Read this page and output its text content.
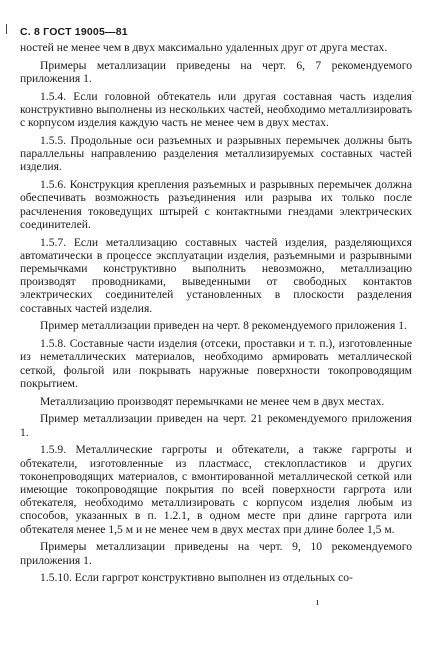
С. 8 ГОСТ 19005—81

ностей не менее чем в двух максимально удаленных друг от друга местах.

Примеры металлизации приведены на черт. 6, 7 рекомендуемого приложения 1.

1.5.4. Если головной обтекатель или другая составная часть изделия конструктивно выполнены из нескольких частей, необходимо металлизировать с корпусом изделия каждую часть не менее чем в двух местах.

1.5.5. Продольные оси разъемных и разрывных перемычек должны быть параллельны направлению разделения металлизируемых составных частей изделия.

1.5.6. Конструкция крепления разъемных и разрывных перемычек должна обеспечивать возможность разъединения или разрыва их только после расчленения токоведущих штырей с контактными гнездами электрических соединителей.

1.5.7. Если металлизацию составных частей изделия, разделяющихся автоматически в процессе эксплуатации изделия, разъемными и разрывными перемычками конструктивно выполнить невозможно, металлизацию производят проводниками, выведенными от свободных контактов электрических соединителей установленных в плоскости разделения составных частей изделия.

Пример металлизации приведен на черт. 8 рекомендуемого приложения 1.

1.5.8. Составные части изделия (отсеки, проставки и т. п.), изготовленные из неметаллических материалов, необходимо армировать металлической сеткой, фольгой или покрывать наружные поверхности токопроводящим покрытием.

Металлизацию производят перемычками не менее чем в двух местах.

Пример металлизации приведен на черт. 21 рекомендуемого приложения 1.

1.5.9. Металлические гаргроты и обтекатели, а также гаргроты и обтекатели, изготовленные из пластмасс, стеклопластиков и других токонепроводящих материалов, с вмонтированной металлической сеткой или имеющие токопроводящие покрытия по всей поверхности гаргрота или обтекателя, необходимо металлизировать с корпусом изделия любым из способов, указанных в п. 1.2.1, в одном месте при длине гаргрота или обтекателя менее 1,5 м и не менее чем в двух местах при длине более 1,5 м.

Примеры металлизации приведены на черт. 9, 10 рекомендуемого приложения 1.

1.5.10. Если гаргрот конструктивно выполнен из отдельных со-

·
ı
